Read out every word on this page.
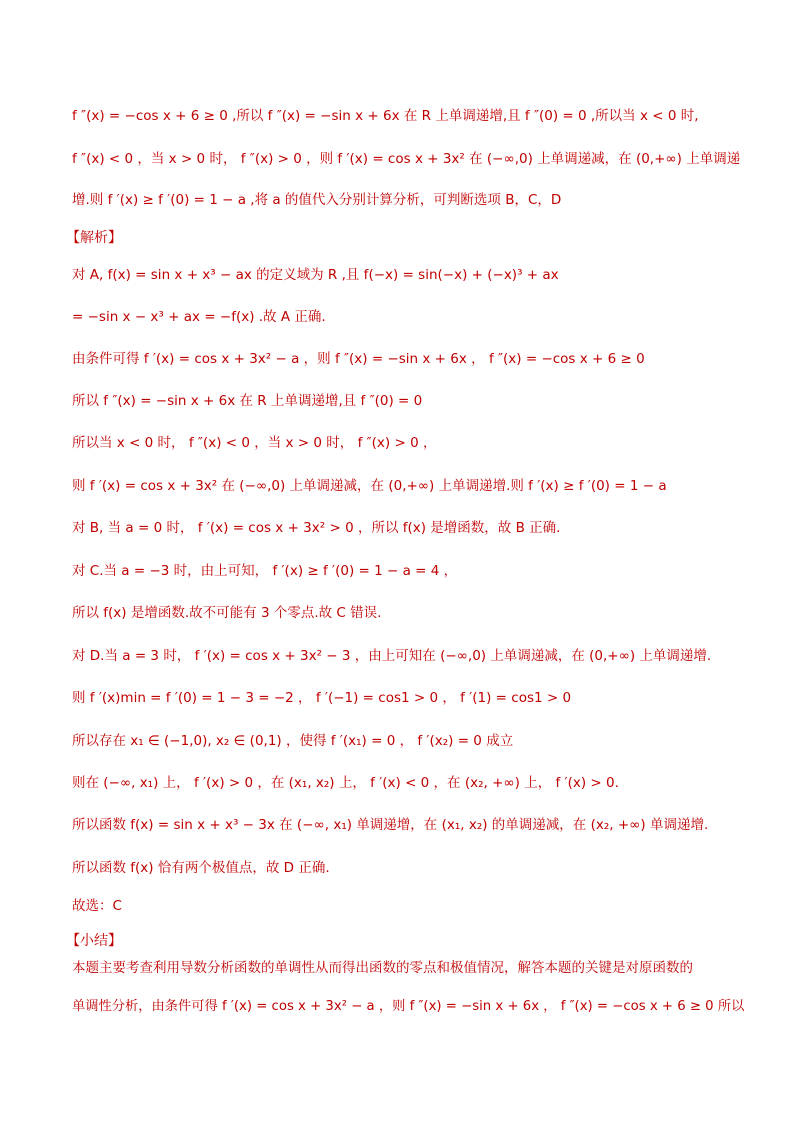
f ″(x) = −cos x + 6 ≥ 0 ,所以 f ″(x) = −sin x + 6x 在 R 上单调递增,且 f ″(0) = 0 ,所以当 x < 0 时,
f ″(x) < 0 ，当 x > 0 时， f ″(x) > 0 ，则 f ′(x) = cos x + 3x² 在 (−∞,0) 上单调递减，在 (0,+∞) 上单调递
增.则 f ′(x) ≥ f ′(0) = 1 − a ,将 a 的值代入分别计算分析，可判断选项 B，C，D
【解析】
对 A, f(x) = sin x + x³ − ax 的定义域为 R ,且 f(−x) = sin(−x) + (−x)³ + ax
= −sin x − x³ + ax = −f(x) .故 A 正确.
由条件可得 f ′(x) = cos x + 3x² − a ，则 f ″(x) = −sin x + 6x ， f ″(x) = −cos x + 6 ≥ 0
所以 f ″(x) = −sin x + 6x 在 R 上单调递增,且 f ″(0) = 0
所以当 x < 0 时， f ″(x) < 0 ，当 x > 0 时， f ″(x) > 0 ，
则 f ′(x) = cos x + 3x² 在 (−∞,0) 上单调递减，在 (0,+∞) 上单调递增.则 f ′(x) ≥ f ′(0) = 1 − a
对 B, 当 a = 0 时， f ′(x) = cos x + 3x² > 0 ，所以 f(x) 是增函数，故 B 正确.
对 C.当 a = −3 时，由上可知， f ′(x) ≥ f ′(0) = 1 − a = 4 ，
所以 f(x) 是增函数.故不可能有 3 个零点.故 C 错误.
对 D.当 a = 3 时， f ′(x) = cos x + 3x² − 3 ，由上可知在 (−∞,0) 上单调递减，在 (0,+∞) 上单调递增.
则 f ′(x)min = f ′(0) = 1 − 3 = −2 ， f ′(−1) = cos1 > 0 ， f ′(1) = cos1 > 0
所以存在 x₁ ∈ (−1,0), x₂ ∈ (0,1) ，使得 f ′(x₁) = 0 ， f ′(x₂) = 0 成立
则在 (−∞, x₁) 上， f ′(x) > 0 ，在 (x₁, x₂) 上， f ′(x) < 0 ，在 (x₂, +∞) 上， f ′(x) > 0.
所以函数 f(x) = sin x + x³ − 3x 在 (−∞, x₁) 单调递增，在 (x₁, x₂) 的单调递减，在 (x₂, +∞) 单调递增.
所以函数 f(x) 恰有两个极值点，故 D 正确.
故选：C
【小结】
本题主要考查利用导数分析函数的单调性从而得出函数的零点和极值情况，解答本题的关键是对原函数的
单调性分析，由条件可得 f ′(x) = cos x + 3x² − a ，则 f ″(x) = −sin x + 6x ， f ″(x) = −cos x + 6 ≥ 0 所以
